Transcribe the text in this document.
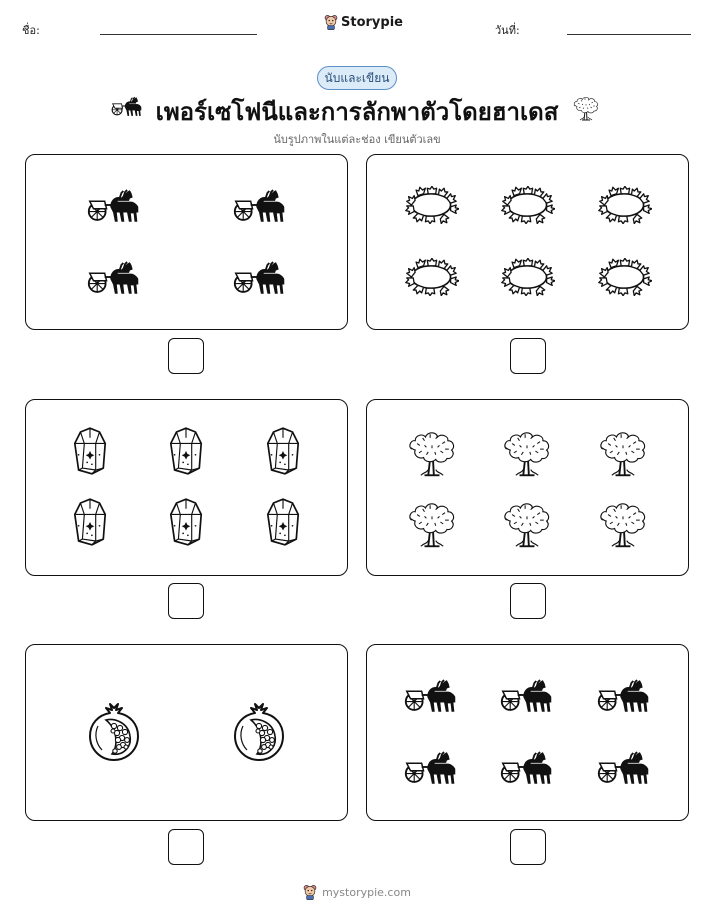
ชื่อ:
Storypie
วันที่:
นับและเขียน
เพอร์เซโฟนีและการลักพาตัวโดยฮาเดส
นับรูปภาพในแต่ละช่อง เขียนตัวเลข
mystorypie.com
